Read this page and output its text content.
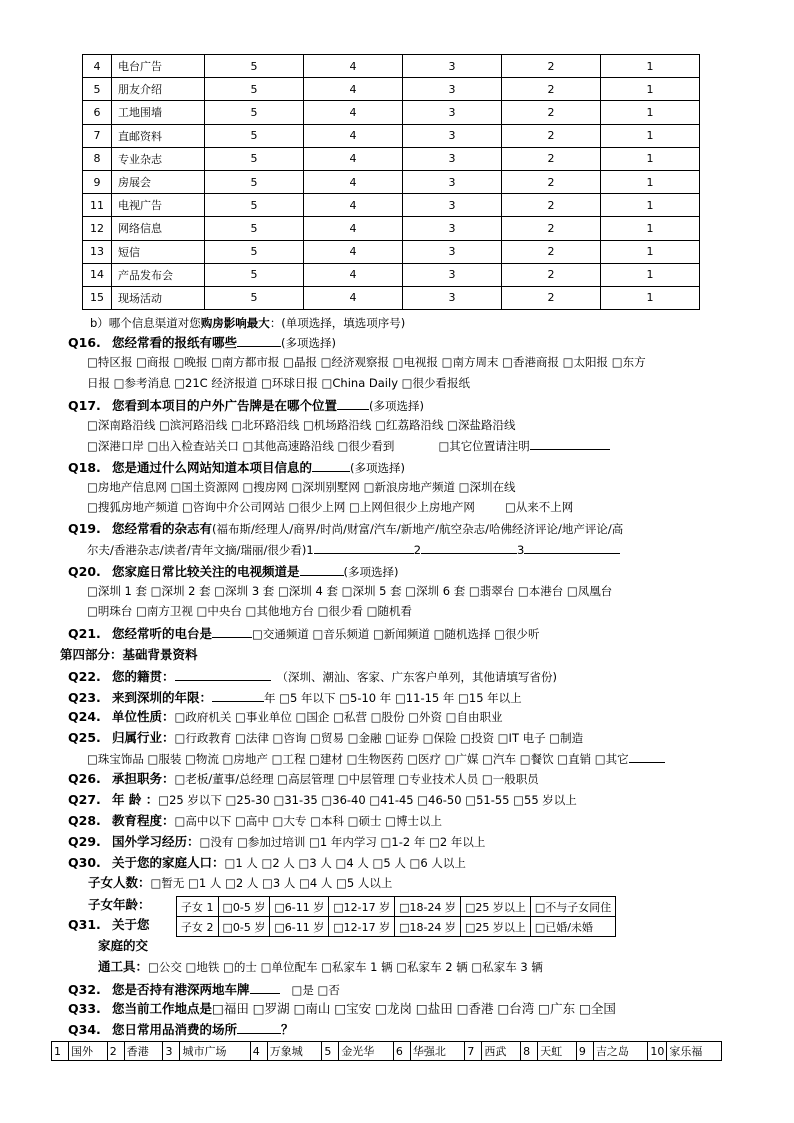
4	电台广告	5	4	3	2	1
5	朋友介绍	5	4	3	2	1
6	工地围墙	5	4	3	2	1
7	直邮资料	5	4	3	2	1
8	专业杂志	5	4	3	2	1
9	房展会	5	4	3	2	1
11	电视广告	5	4	3	2	1
12	网络信息	5	4	3	2	1
13	短信	5	4	3	2	1
14	产品发布会	5	4	3	2	1
15	现场活动	5	4	3	2	1
b）哪个信息渠道对您购房影响最大：(单项选择，填选项序号)
Q16. 您经常看的报纸有哪些	(多项选择)
□特区报 □商报 □晚报 □南方都市报 □晶报 □经济观察报 □电视报 □南方周末 □香港商报 □太阳报 □东方
日报 □参考消息 □21C 经济报道 □环球日报 □China Daily □很少看报纸
Q17. 您看到本项目的户外广告牌是在哪个位置	(多项选择)
□深南路沿线 □滨河路沿线 □北环路沿线 □机场路沿线 □红荔路沿线 □深盐路沿线
□深港口岸 □出入检查站关口 □其他高速路沿线 □很少看到	□其它位置请注明
Q18. 您是通过什么网站知道本项目信息的	(多项选择)
□房地产信息网 □国土资源网 □搜房网 □深圳别墅网 □新浪房地产频道 □深圳在线
□搜狐房地产频道 □咨询中介公司网站 □很少上网 □上网但很少上房地产网	□从来不上网
Q19. 您经常看的杂志有(福布斯/经理人/商界/时尚/财富/汽车/新地产/航空杂志/哈佛经济评论/地产评论/高
尔夫/香港杂志/读者/青年文摘/瑞丽/很少看)1	2	3
Q20. 您家庭日常比较关注的电视频道是	(多项选择)
□深圳 1 套 □深圳 2 套 □深圳 3 套 □深圳 4 套 □深圳 5 套 □深圳 6 套 □翡翠台 □本港台 □凤凰台
□明珠台 □南方卫视 □中央台 □其他地方台 □很少看 □随机看
Q21. 您经常听的电台是	□交通频道 □音乐频道 □新闻频道 □随机选择 □很少听
第四部分：基础背景资料
Q22. 您的籍贯：	（深圳、潮汕、客家、广东客户单列，其他请填写省份)
Q23. 来到深圳的年限：	年 □5 年以下 □5-10 年 □11-15 年 □15 年以上
Q24. 单位性质：□政府机关 □事业单位 □国企 □私营 □股份 □外资 □自由职业
Q25. 归属行业：□行政教育 □法律 □咨询 □贸易 □金融 □证券 □保险 □投资 □IT 电子 □制造
□珠宝饰品 □服装 □物流 □房地产 □工程 □建材 □生物医药 □医疗 □广媒 □汽车 □餐饮 □直销 □其它
Q26. 承担职务：□老板/董事/总经理 □高层管理 □中层管理 □专业技术人员 □一般职员
Q27. 年 龄 ：□25 岁以下 □25-30 □31-35 □36-40 □41-45 □46-50 □51-55 □55 岁以上
Q28. 教育程度：□高中以下 □高中 □大专 □本科 □硕士 □博士以上
Q29. 国外学习经历：□没有 □参加过培训 □1 年内学习 □1-2 年 □2 年以上
Q30. 关于您的家庭人口：□1 人 □2 人 □3 人 □4 人 □5 人 □6 人以上
子女人数：□暂无 □1 人 □2 人 □3 人 □4 人 □5 人以上
子女年龄：	子女 1	□0-5 岁	□6-11 岁	□12-17 岁	□18-24 岁	□25 岁以上	□不与子女同住
子女 2	□0-5 岁	□6-11 岁	□12-17 岁	□18-24 岁	□25 岁以上	□已婚/未婚
Q31. 关于您
家庭的交
通工具：□公交 □地铁 □的士 □单位配车 □私家车 1 辆 □私家车 2 辆 □私家车 3 辆
Q32. 您是否持有港深两地车牌	□是 □否
Q33. 您当前工作地点是□福田 □罗湖 □南山 □宝安 □龙岗 □盐田 □香港 □台湾 □广东 □全国
Q34. 您日常用品消费的场所	？
1	国外	2	香港	3	城市广场	4	万象城	5	金光华	6	华强北	7	西武	8	天虹	9	吉之岛	10	家乐福
